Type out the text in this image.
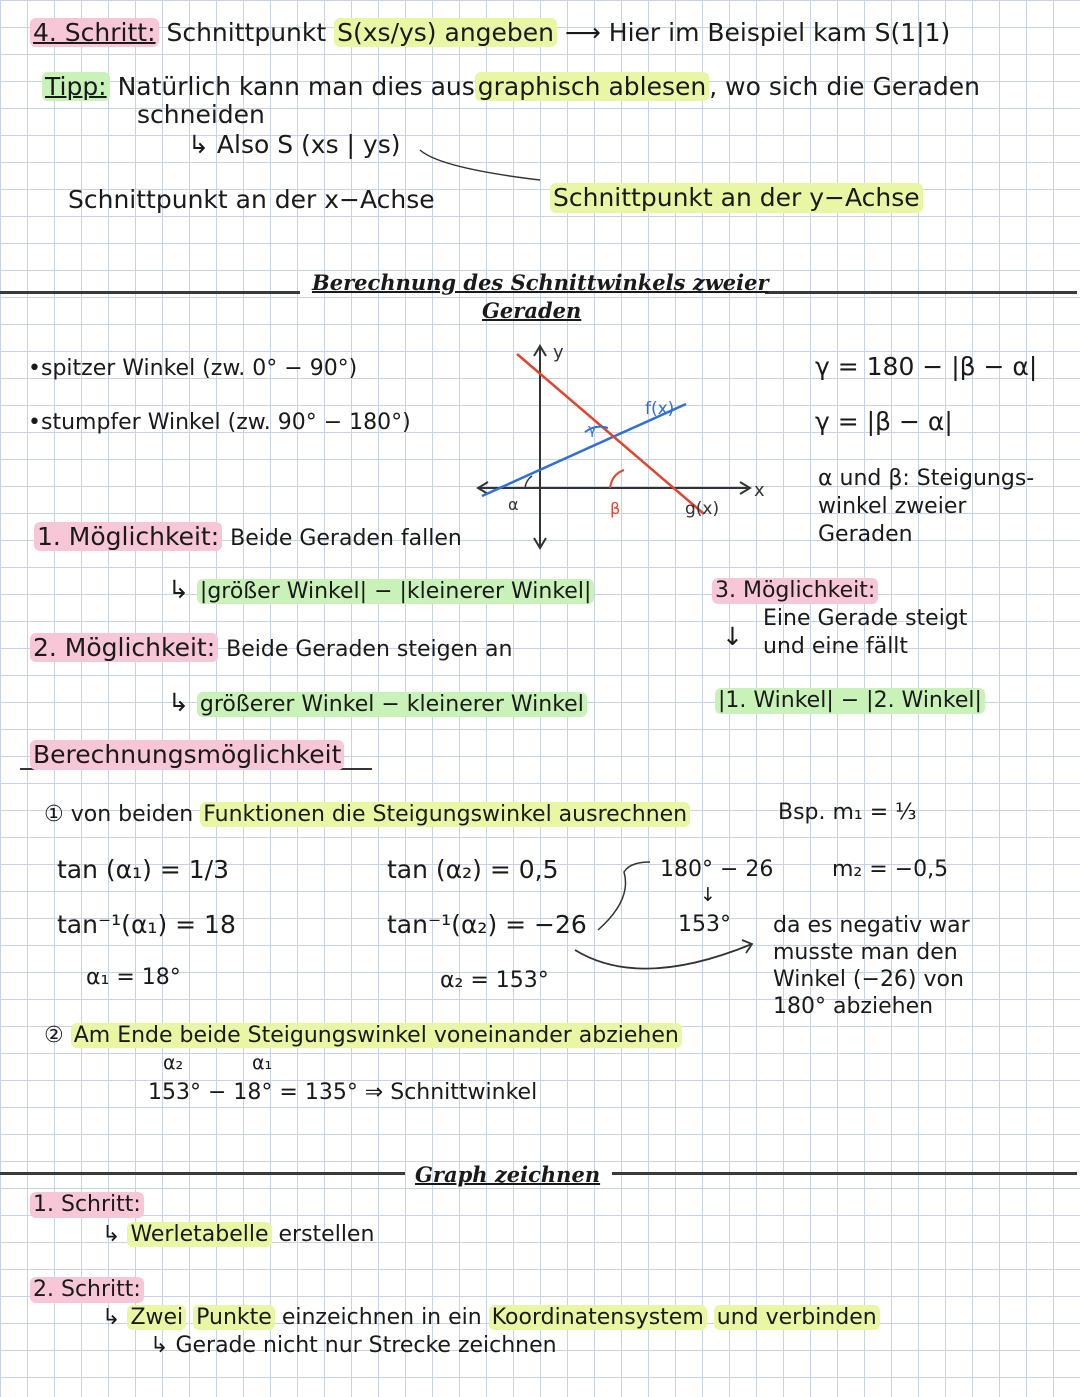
4. Schritt: Schnittpunkt S(xs/ys) angeben ⟶ Hier im Beispiel kam S(1|1)
Tipp: Natürlich kann man dies aus graphisch ablesen , wo sich die Geraden
schneiden
↳ Also S (xs | ys)
Schnittpunkt an der x−Achse	Schnittpunkt an der y−Achse
Berechnung des Schnittwinkels zweier
Geraden
•spitzer Winkel (zw. 0° − 90°)
•stumpfer Winkel (zw. 90° − 180°)
γ = 180 − |β − α|
γ = |β − α|
α und β: Steigungs-
winkel zweier
Geraden
y
x
f(x)
g(x)
α	β
γ
1. Möglichkeit: Beide Geraden fallen
↳ |größer Winkel| − |kleinerer Winkel|
2. Möglichkeit: Beide Geraden steigen an
↳ größerer Winkel − kleinerer Winkel
3. Möglichkeit:
Eine Gerade steigt
und eine fällt
↓
|1. Winkel| − |2. Winkel|
Berechnungsmöglichkeit
① von beiden Funktionen die Steigungswinkel ausrechnen	Bsp. m₁ = ⅓
m₂ = −0,5
tan (α₁) = 1/3
tan⁻¹(α₁) = 18
α₁ = 18°
tan (α₂) = 0,5
tan⁻¹(α₂) = −26
α₂ = 153°
180° − 26
↓
153° da es negativ war
musste man den
Winkel (−26) von
180° abziehen
② Am Ende beide Steigungswinkel voneinander abziehen
α₂	α₁
153° − 18° = 135° ⇒ Schnittwinkel
Graph zeichnen
1. Schritt:
↳ Werletabelle erstellen
2. Schritt:
↳ Zwei Punkte einzeichnen in ein Koordinatensystem und verbinden
↳ Gerade nicht nur Strecke zeichnen
